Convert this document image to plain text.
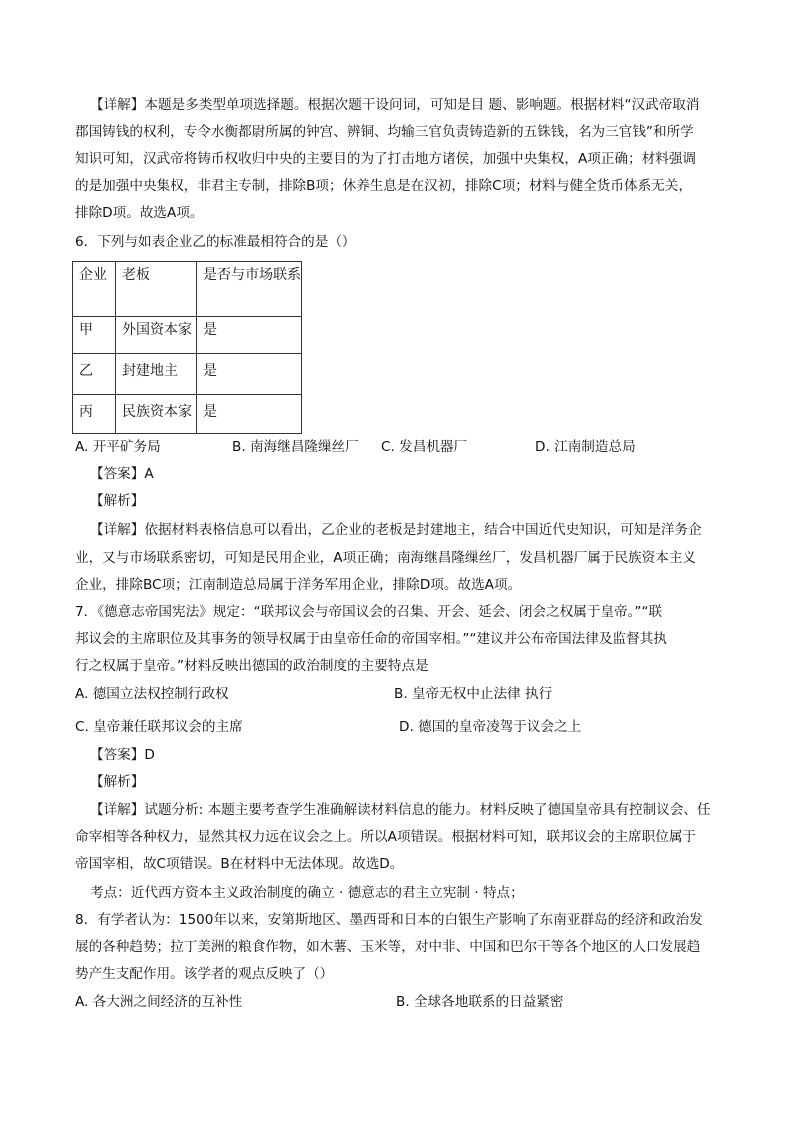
【详解】本题是多类型单项选择题。根据次题干设问词，可知是目 题、影响题。根据材料“汉武帝取消
郡国铸钱的权利，专令水衡都尉所属的钟宫、辨铜、均输三官负责铸造新的五铢钱，名为三官钱”和所学
知识可知，汉武帝将铸币权收归中央的主要目的为了打击地方诸侯，加强中央集权，A项正确；材料强调
的是加强中央集权，非君主专制，排除B项；休养生息是在汉初，排除C项；材料与健全货币体系无关，
排除D项。故选A项。
6．下列与如表企业乙的标准最相符合的是（）
企业	老板	是否与市场联系
甲	外国资本家	是
乙	封建地主	是
丙	民族资本家	是
A. 开平矿务局	B. 南海继昌隆缫丝厂 C. 发昌机器厂	D. 江南制造总局
【答案】A
【解析】
【详解】依据材料表格信息可以看出，乙企业的老板是封建地主，结合中国近代史知识，可知是洋务企
业，又与市场联系密切，可知是民用企业，A项正确；南海继昌隆缫丝厂，发昌机器厂属于民族资本主义
企业，排除BC项；江南制造总局属于洋务军用企业，排除D项。故选A项。
7．《德意志帝国宪法》规定：“联邦议会与帝国议会的召集、开会、延会、闭会之权属于皇帝。”“联
邦议会的主席职位及其事务的领导权属于由皇帝任命的帝国宰相。”“建议并公布帝国法律及监督其执
行之权属于皇帝。”材料反映出德国的政治制度的主要特点是
A. 德国立法权控制行政权	B. 皇帝无权中止法律 执行
C. 皇帝兼任联邦议会的主席	D. 德国的皇帝凌驾于议会之上
【答案】D
【解析】
【详解】试题分析: 本题主要考查学生准确解读材料信息的能力。材料反映了德国皇帝具有控制议会、任
命宰相等各种权力，显然其权力远在议会之上。所以A项错误。根据材料可知，联邦议会的主席职位属于
帝国宰相，故C项错误。B在材料中无法体现。故选D。
考点：近代西方资本主义政治制度的确立 · 德意志的君主立宪制 · 特点；
8．有学者认为：1500年以来，安第斯地区、墨西哥和日本的白银生产影响了东南亚群岛的经济和政治发
展的各种趋势；拉丁美洲的粮食作物，如木薯、玉米等，对中非、中国和巴尔干等各个地区的人口发展趋
势产生支配作用。该学者的观点反映了（）
A. 各大洲之间经济的互补性	B. 全球各地联系的日益紧密
